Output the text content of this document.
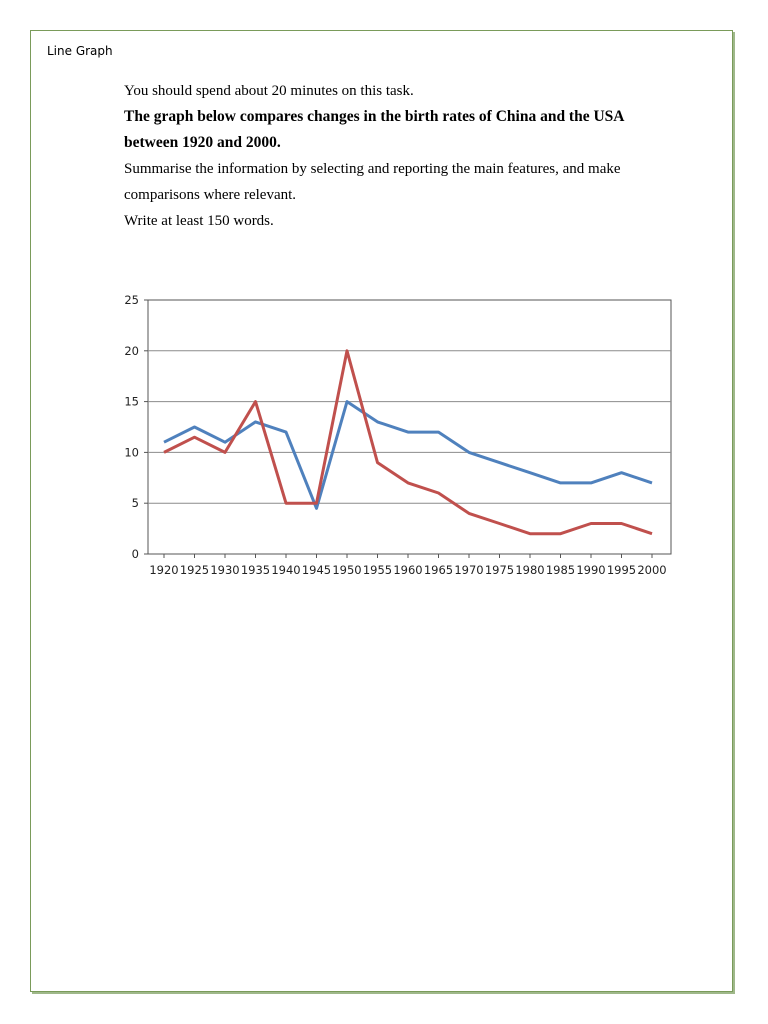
Line Graph

You should spend about 20 minutes on this task.

The graph below compares changes in the birth rates of China and the USA between 1920 and 2000.

Summarise the information by selecting and reporting the main features, and make comparisons where relevant.

Write at least 150 words.

0
5
10
15
20
25
1920 1925 1930 1935 1940 1945 1950 1955 1960 1965 1970 1975 1980 1985 1990 1995 2000
